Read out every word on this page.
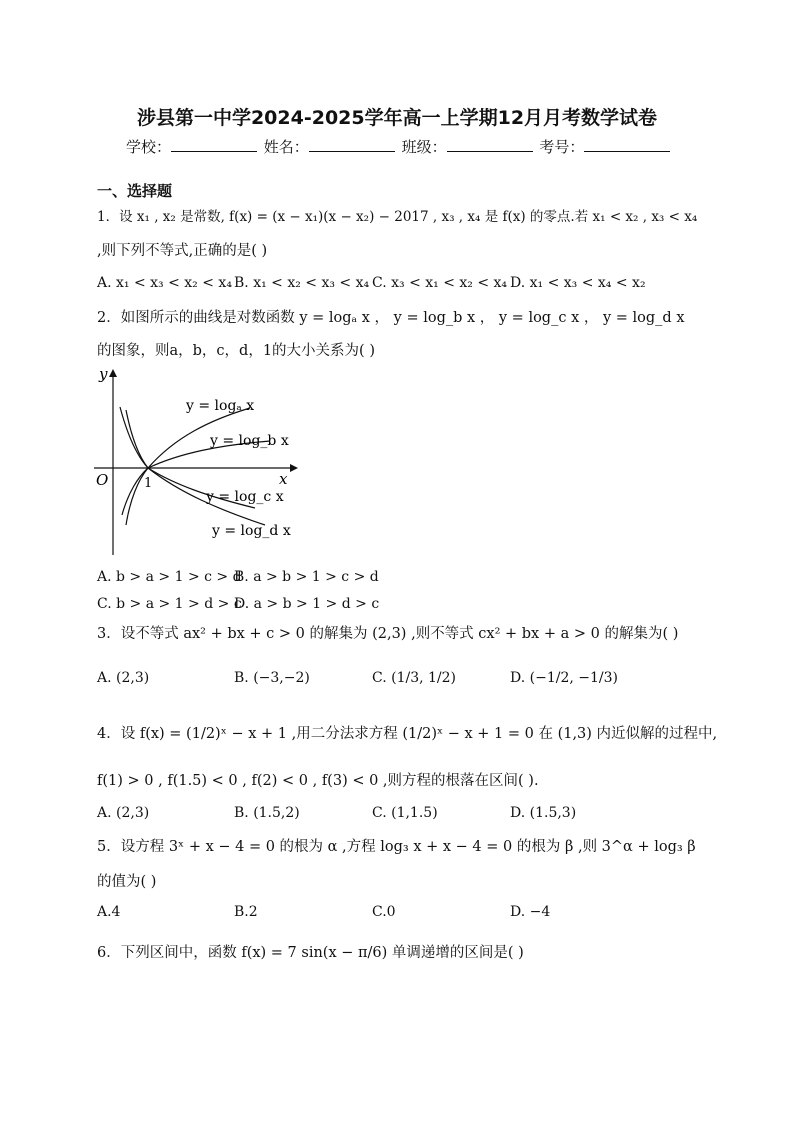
涉县第一中学2024-2025学年高一上学期12月月考数学试卷
学校：	姓名：	班级：	考号：
一、选择题
1．设 x₁ , x₂ 是常数, f(x) = (x − x₁)(x − x₂) − 2017 , x₃ , x₄ 是 f(x) 的零点.若 x₁ < x₂ , x₃ < x₄
,则下列不等式,正确的是( )
A. x₁ < x₃ < x₂ < x₄ B. x₁ < x₂ < x₃ < x₄ C. x₃ < x₁ < x₂ < x₄ D. x₁ < x₃ < x₄ < x₂
2．如图所示的曲线是对数函数 y = logₐ x ， y = log_b x ， y = log_c x ， y = log_d x
的图象，则a，b，c，d，1的大小关系为( )
y
x
O	1
y = logₐ x
y = log_b x
y = log_c x
y = log_d x
A. b > a > 1 > c > d
B. a > b > 1 > c > d
C. b > a > 1 > d > c
D. a > b > 1 > d > c
3．设不等式 ax² + bx + c > 0 的解集为 (2,3) ,则不等式 cx² + bx + a > 0 的解集为( )
A. (2,3)	B. (−3,−2)	C. (1/3, 1/2)	D. (−1/2, −1/3)
4．设 f(x) = (1/2)ˣ − x + 1 ,用二分法求方程 (1/2)ˣ − x + 1 = 0 在 (1,3) 内近似解的过程中,
f(1) > 0 , f(1.5) < 0 , f(2) < 0 , f(3) < 0 ,则方程的根落在区间( ).
A. (2,3)	B. (1.5,2)	C. (1,1.5)	D. (1.5,3)
5．设方程 3ˣ + x − 4 = 0 的根为 α ,方程 log₃ x + x − 4 = 0 的根为 β ,则 3^α + log₃ β
的值为( )
A.4	B.2	C.0	D. −4
6．下列区间中，函数 f(x) = 7 sin(x − π/6) 单调递增的区间是( )
